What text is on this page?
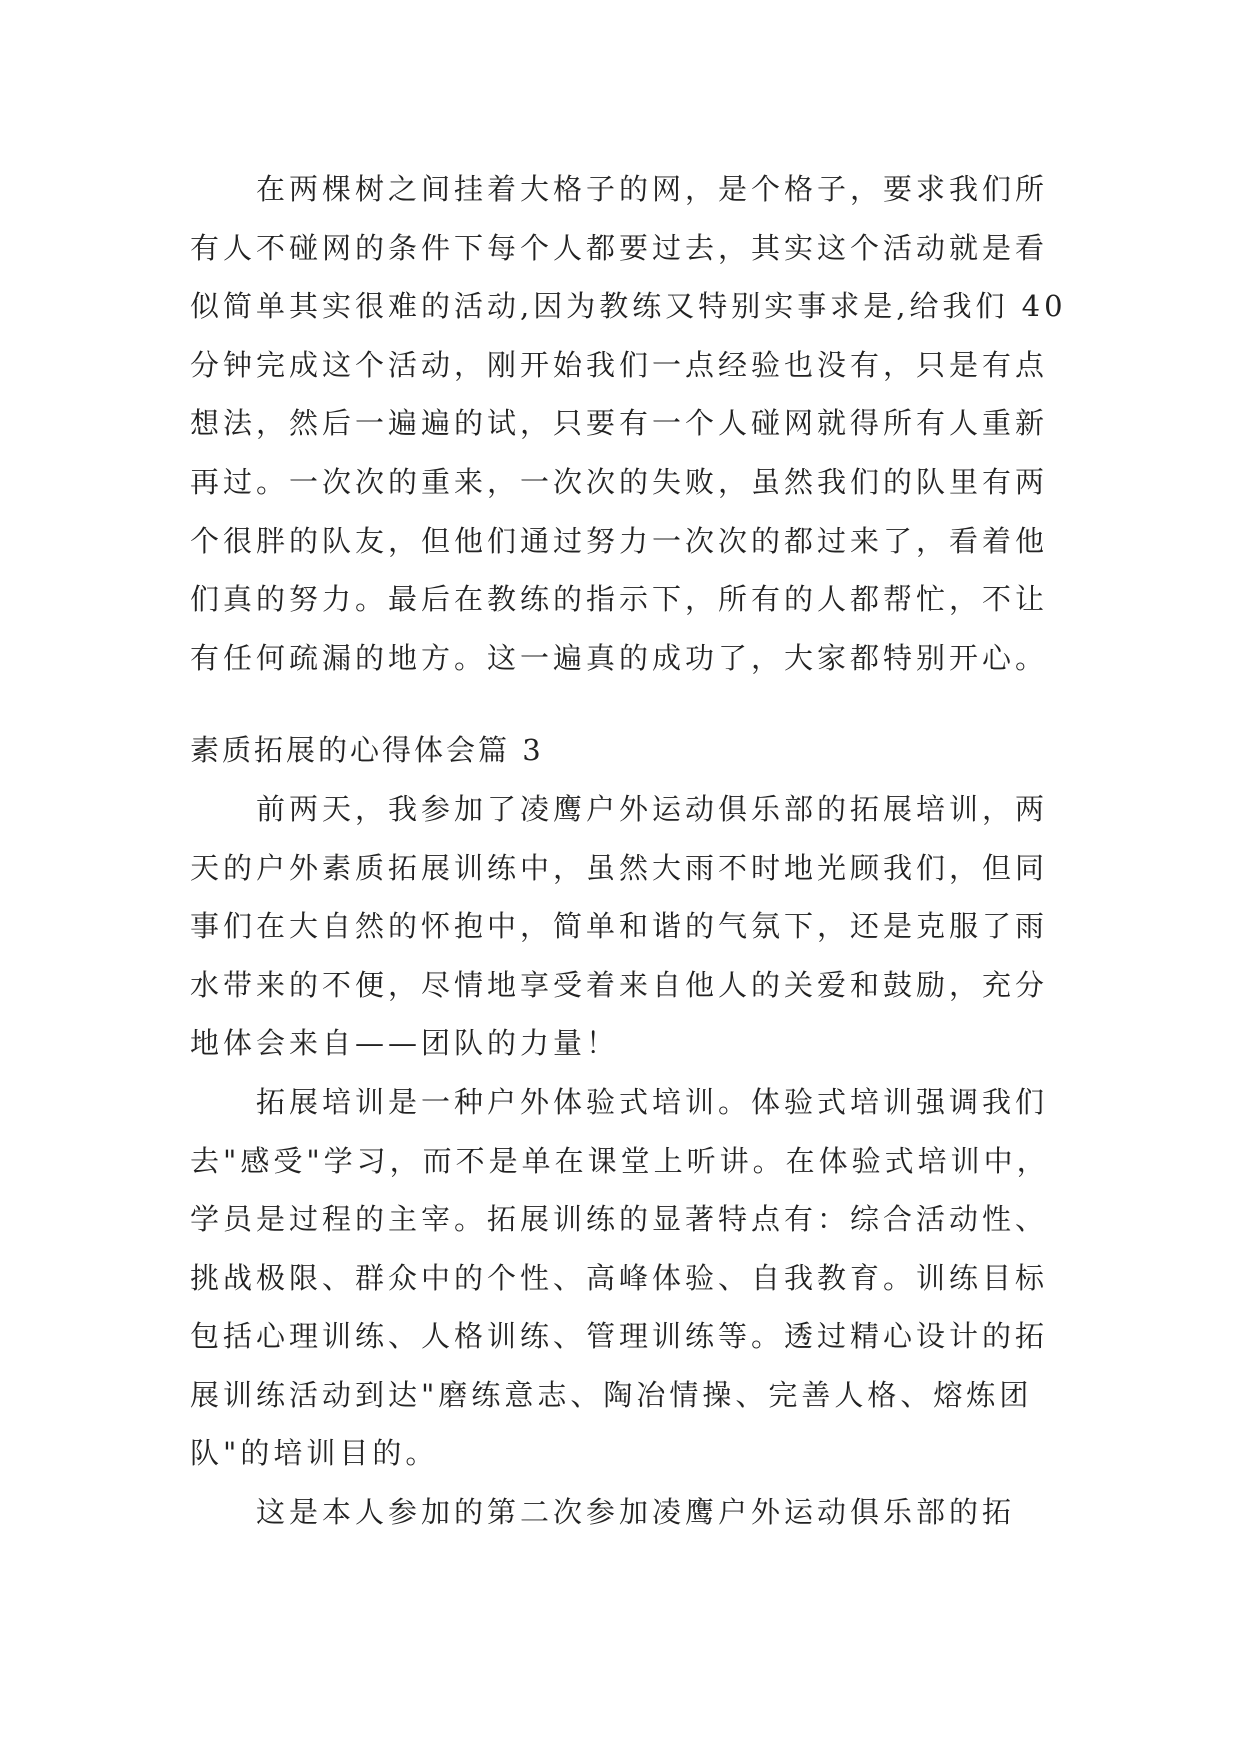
在两棵树之间挂着大格子的网，是个格子，要求我们所
有人不碰网的条件下每个人都要过去，其实这个活动就是看
似简单其实很难的活动,因为教练又特别实事求是,给我们 40
分钟完成这个活动，刚开始我们一点经验也没有，只是有点
想法，然后一遍遍的试，只要有一个人碰网就得所有人重新
再过。一次次的重来，一次次的失败，虽然我们的队里有两
个很胖的队友，但他们通过努力一次次的都过来了，看着他
们真的努力。最后在教练的指示下，所有的人都帮忙，不让
有任何疏漏的地方。这一遍真的成功了，大家都特别开心。
素质拓展的心得体会篇 3
前两天，我参加了凌鹰户外运动俱乐部的拓展培训，两
天的户外素质拓展训练中，虽然大雨不时地光顾我们，但同
事们在大自然的怀抱中，简单和谐的气氛下，还是克服了雨
水带来的不便，尽情地享受着来自他人的关爱和鼓励，充分
地体会来自——团队的力量！
拓展培训是一种户外体验式培训。体验式培训强调我们
去"感受"学习，而不是单在课堂上听讲。在体验式培训中，
学员是过程的主宰。拓展训练的显著特点有：综合活动性、
挑战极限、群众中的个性、高峰体验、自我教育。训练目标
包括心理训练、人格训练、管理训练等。透过精心设计的拓
展训练活动到达"磨练意志、陶冶情操、完善人格、熔炼团
队"的培训目的。
这是本人参加的第二次参加凌鹰户外运动俱乐部的拓
